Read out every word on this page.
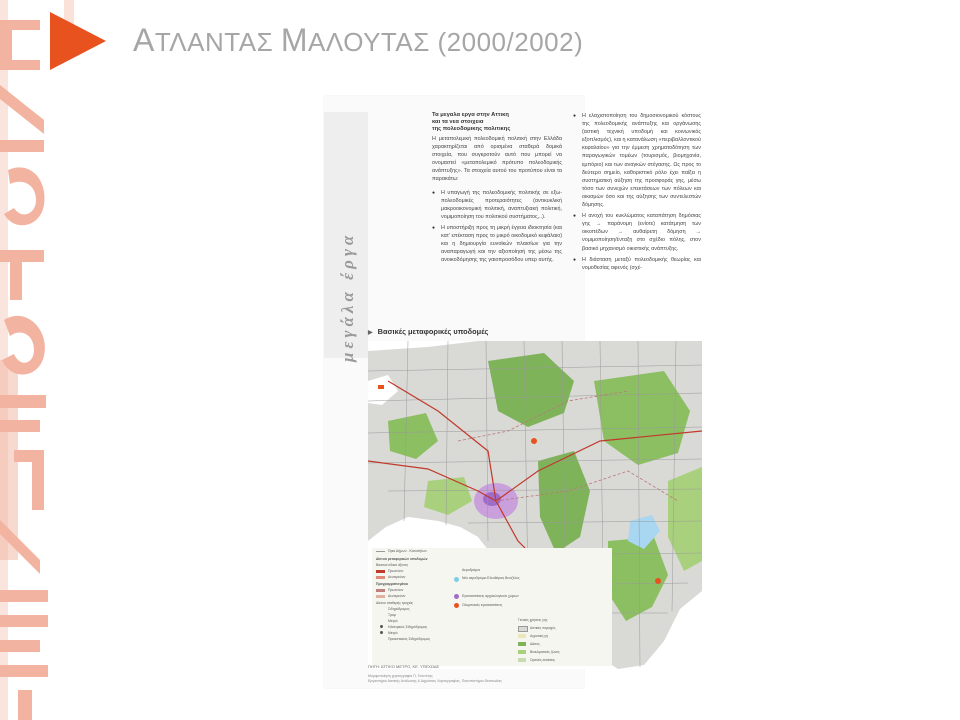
ΑΤΛΑΝΤΑΣ ΜΑΛΟΥΤΑΣ (2000/2002)
μεγάλα έργα
Τα μεγαλα εργα στην Αττικη
και τα νεα στοιχεια
της πολεοδομικης πολιτικης

Η μεταπολεμική πολεοδομική πολιτική στην Ελλάδα χαρακτηρίζεται από ορισμένα σταθερά δομικά στοιχεία, που συγκροτούν αυτό που μπορεί να ονομαστεί «μεταπολεμικό πρότυπο πολεοδομικής ανάπτυξης». Τα στοιχεία αυτού του προτύπου είναι τα παρακάτω:

● Η υπαγωγή της πολεοδομικής πολιτικής σε εξω-πολεοδομικές προτεραιότητες (αντικυκλική μακροοικονομική πολιτική, αναπτυξιακή πολιτική, νομιμοποίηση του πολιτικού συστήματος,..).
● Η υποστήριξη προς τη μικρή έγγεια ιδιοκτησία (και κατ' επέκταση προς το μικρό οικοδομικό κεφάλαιο) και η δημιουργία ευνοϊκών πλαισίων για την αναπαραγωγή και την αξιοποίησή της μέσω της ανοικοδόμησης της γαιοπροσόδου υπερ αυτής.
● Η ελαχιστοποίηση του δημοσιονομικού κόστους της πολεοδομικής ανάπτυξης και οργάνωσης (αστική τεχνική υποδομή και κοινωνικός εξοπλισμός), και η κατανάλωση «περιβαλλοντικού κεφαλαίου» για την έμμεση χρηματοδότηση των παραγωγικών τομέων (τουρισμός, βιομηχανία, εμπόριο) και των αναγκών στέγασης. Ως προς το δεύτερο σημείο, καθοριστικό ρόλο έχει παίξει η συστηματική αύξηση της προσφοράς γης, μέσω τόσο των συνεχών επεκτάσεων των πόλεων και οικισμών όσο και της αύξησης των συντελεστών δόμησης.
● Η ανοχή του κυκλώματος καταπάτηση δημόσιας γης → παράνομη (ενίοτε) κατάτμηση των οικοπέδων → αυθαίρετη δόμηση → νομιμοποίηση/ένταξη στο σχέδιο πόλης, στον βασικό μηχανισμό οικιστικής ανάπτυξης.
● Η διάσταση μεταξύ πολεοδομικής θεωρίας και νομοθεσίας αφενός (σχέ-
▶ Βασικές μεταφορικές υποδομές
Όρια Δήμων - Κοινοτήτων
Δίκτυα μεταφορικών υποδομών
Βασικοί οδικοί άξονες
Πρωτεύον
Δευτερεύον
Προγραμματισμένοι
Πρωτεύον
Δευτερεύον
Δίκτυο σταθερής τροχιάς
Σιδηρόδρομος
Τραμ
Μετρό
Ηλεκτρικός Σιδηρόδρομος
Μετρό
Προαστιακός Σιδηρόδρομος
Αεροδρόμια
Νέο αεροδρόμιο Ελευθέριος Βενιζέλος
Εγκαταστάσεις αρχαιολογικών χώρων
Ολυμπιακές εγκαταστάσεις
Γενικές χρήσεις γης
Αστικές περιοχές
Αγροτική γη
Δάσος
Βιοκλιματικές ζώνες
Ορεινές εκτάσεις
ΠΗΓΗ: ΑΤΤΙΚΟ ΜΕΤΡΟ, ΚΕ. ΥΠΕΧΩΔΕ
Μορφοποίηση χαρτογραφία Π. Γιαννέτης
Εργαστήριο Αστικής Ανάλυσης & Δημόσιας Χαρτογραφίας, Πανεπιστήμιο Θεσσαλίας
